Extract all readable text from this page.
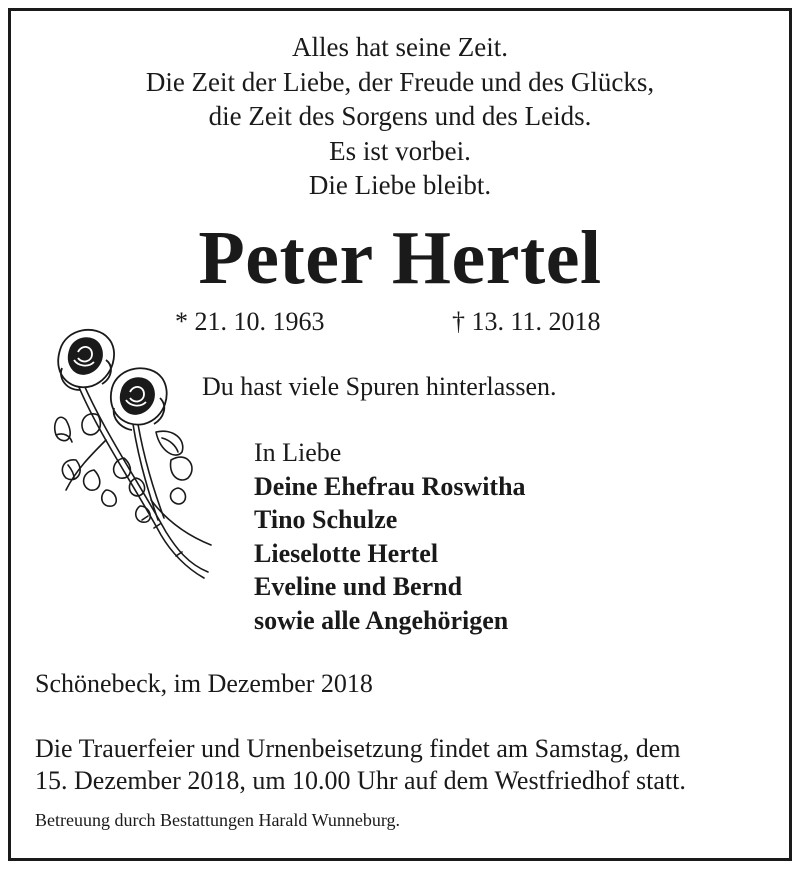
Alles hat seine Zeit.
Die Zeit der Liebe, der Freude und des Glücks,
die Zeit des Sorgens und des Leids.
Es ist vorbei.
Die Liebe bleibt.
Peter Hertel
* 21. 10. 1963	† 13. 11. 2018
Du hast viele Spuren hinterlassen.
In Liebe
Deine Ehefrau Roswitha
Tino Schulze
Lieselotte Hertel
Eveline und Bernd
sowie alle Angehörigen
Schönebeck, im Dezember 2018
Die Trauerfeier und Urnenbeisetzung findet am Samstag, dem
15. Dezember 2018, um 10.00 Uhr auf dem Westfriedhof statt.
Betreuung durch Bestattungen Harald Wunneburg.
